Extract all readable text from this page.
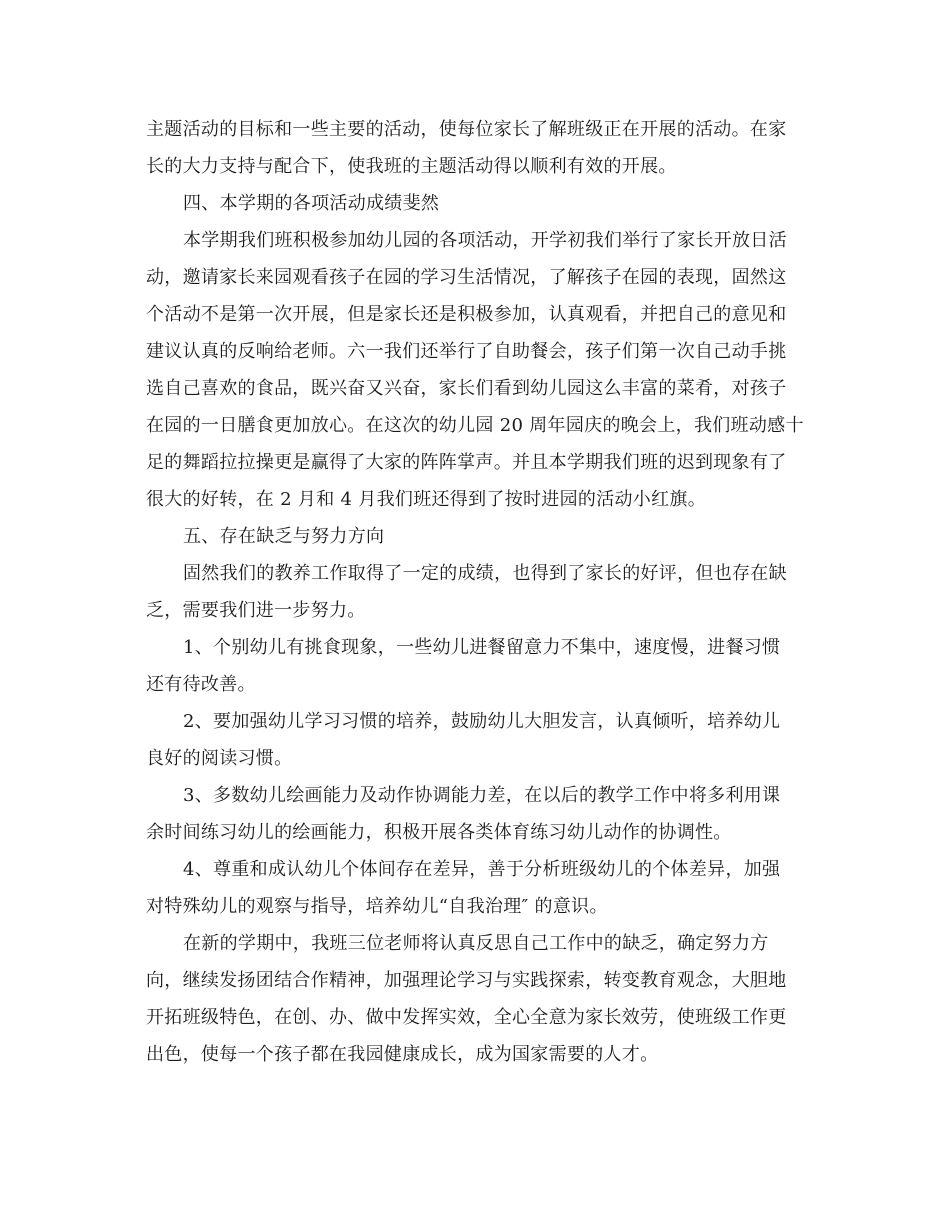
主题活动的目标和一些主要的活动，使每位家长了解班级正在开展的活动。在家
长的大力支持与配合下，使我班的主题活动得以顺利有效的开展。
四、本学期的各项活动成绩斐然
本学期我们班积极参加幼儿园的各项活动，开学初我们举行了家长开放日活
动，邀请家长来园观看孩子在园的学习生活情况，了解孩子在园的表现，固然这
个活动不是第一次开展，但是家长还是积极参加，认真观看，并把自己的意见和
建议认真的反响给老师。六一我们还举行了自助餐会，孩子们第一次自己动手挑
选自己喜欢的食品，既兴奋又兴奋，家长们看到幼儿园这么丰富的菜肴，对孩子
在园的一日膳食更加放心。在这次的幼儿园 20 周年园庆的晚会上，我们班动感十
足的舞蹈拉拉操更是赢得了大家的阵阵掌声。并且本学期我们班的迟到现象有了
很大的好转，在 2 月和 4 月我们班还得到了按时进园的活动小红旗。
五、存在缺乏与努力方向
固然我们的教养工作取得了一定的成绩，也得到了家长的好评，但也存在缺
乏，需要我们进一步努力。
1、个别幼儿有挑食现象，一些幼儿进餐留意力不集中，速度慢，进餐习惯
还有待改善。
2、要加强幼儿学习习惯的培养，鼓励幼儿大胆发言，认真倾听，培养幼儿
良好的阅读习惯。
3、多数幼儿绘画能力及动作协调能力差，在以后的教学工作中将多利用课
余时间练习幼儿的绘画能力，积极开展各类体育练习幼儿动作的协调性。
4、尊重和成认幼儿个体间存在差异，善于分析班级幼儿的个体差异，加强
对特殊幼儿的观察与指导，培养幼儿“自我治理″ 的意识。
在新的学期中，我班三位老师将认真反思自己工作中的缺乏，确定努力方
向，继续发扬团结合作精神，加强理论学习与实践探索，转变教育观念，大胆地
开拓班级特色，在创、办、做中发挥实效，全心全意为家长效劳，使班级工作更
出色，使每一个孩子都在我园健康成长，成为国家需要的人才。
